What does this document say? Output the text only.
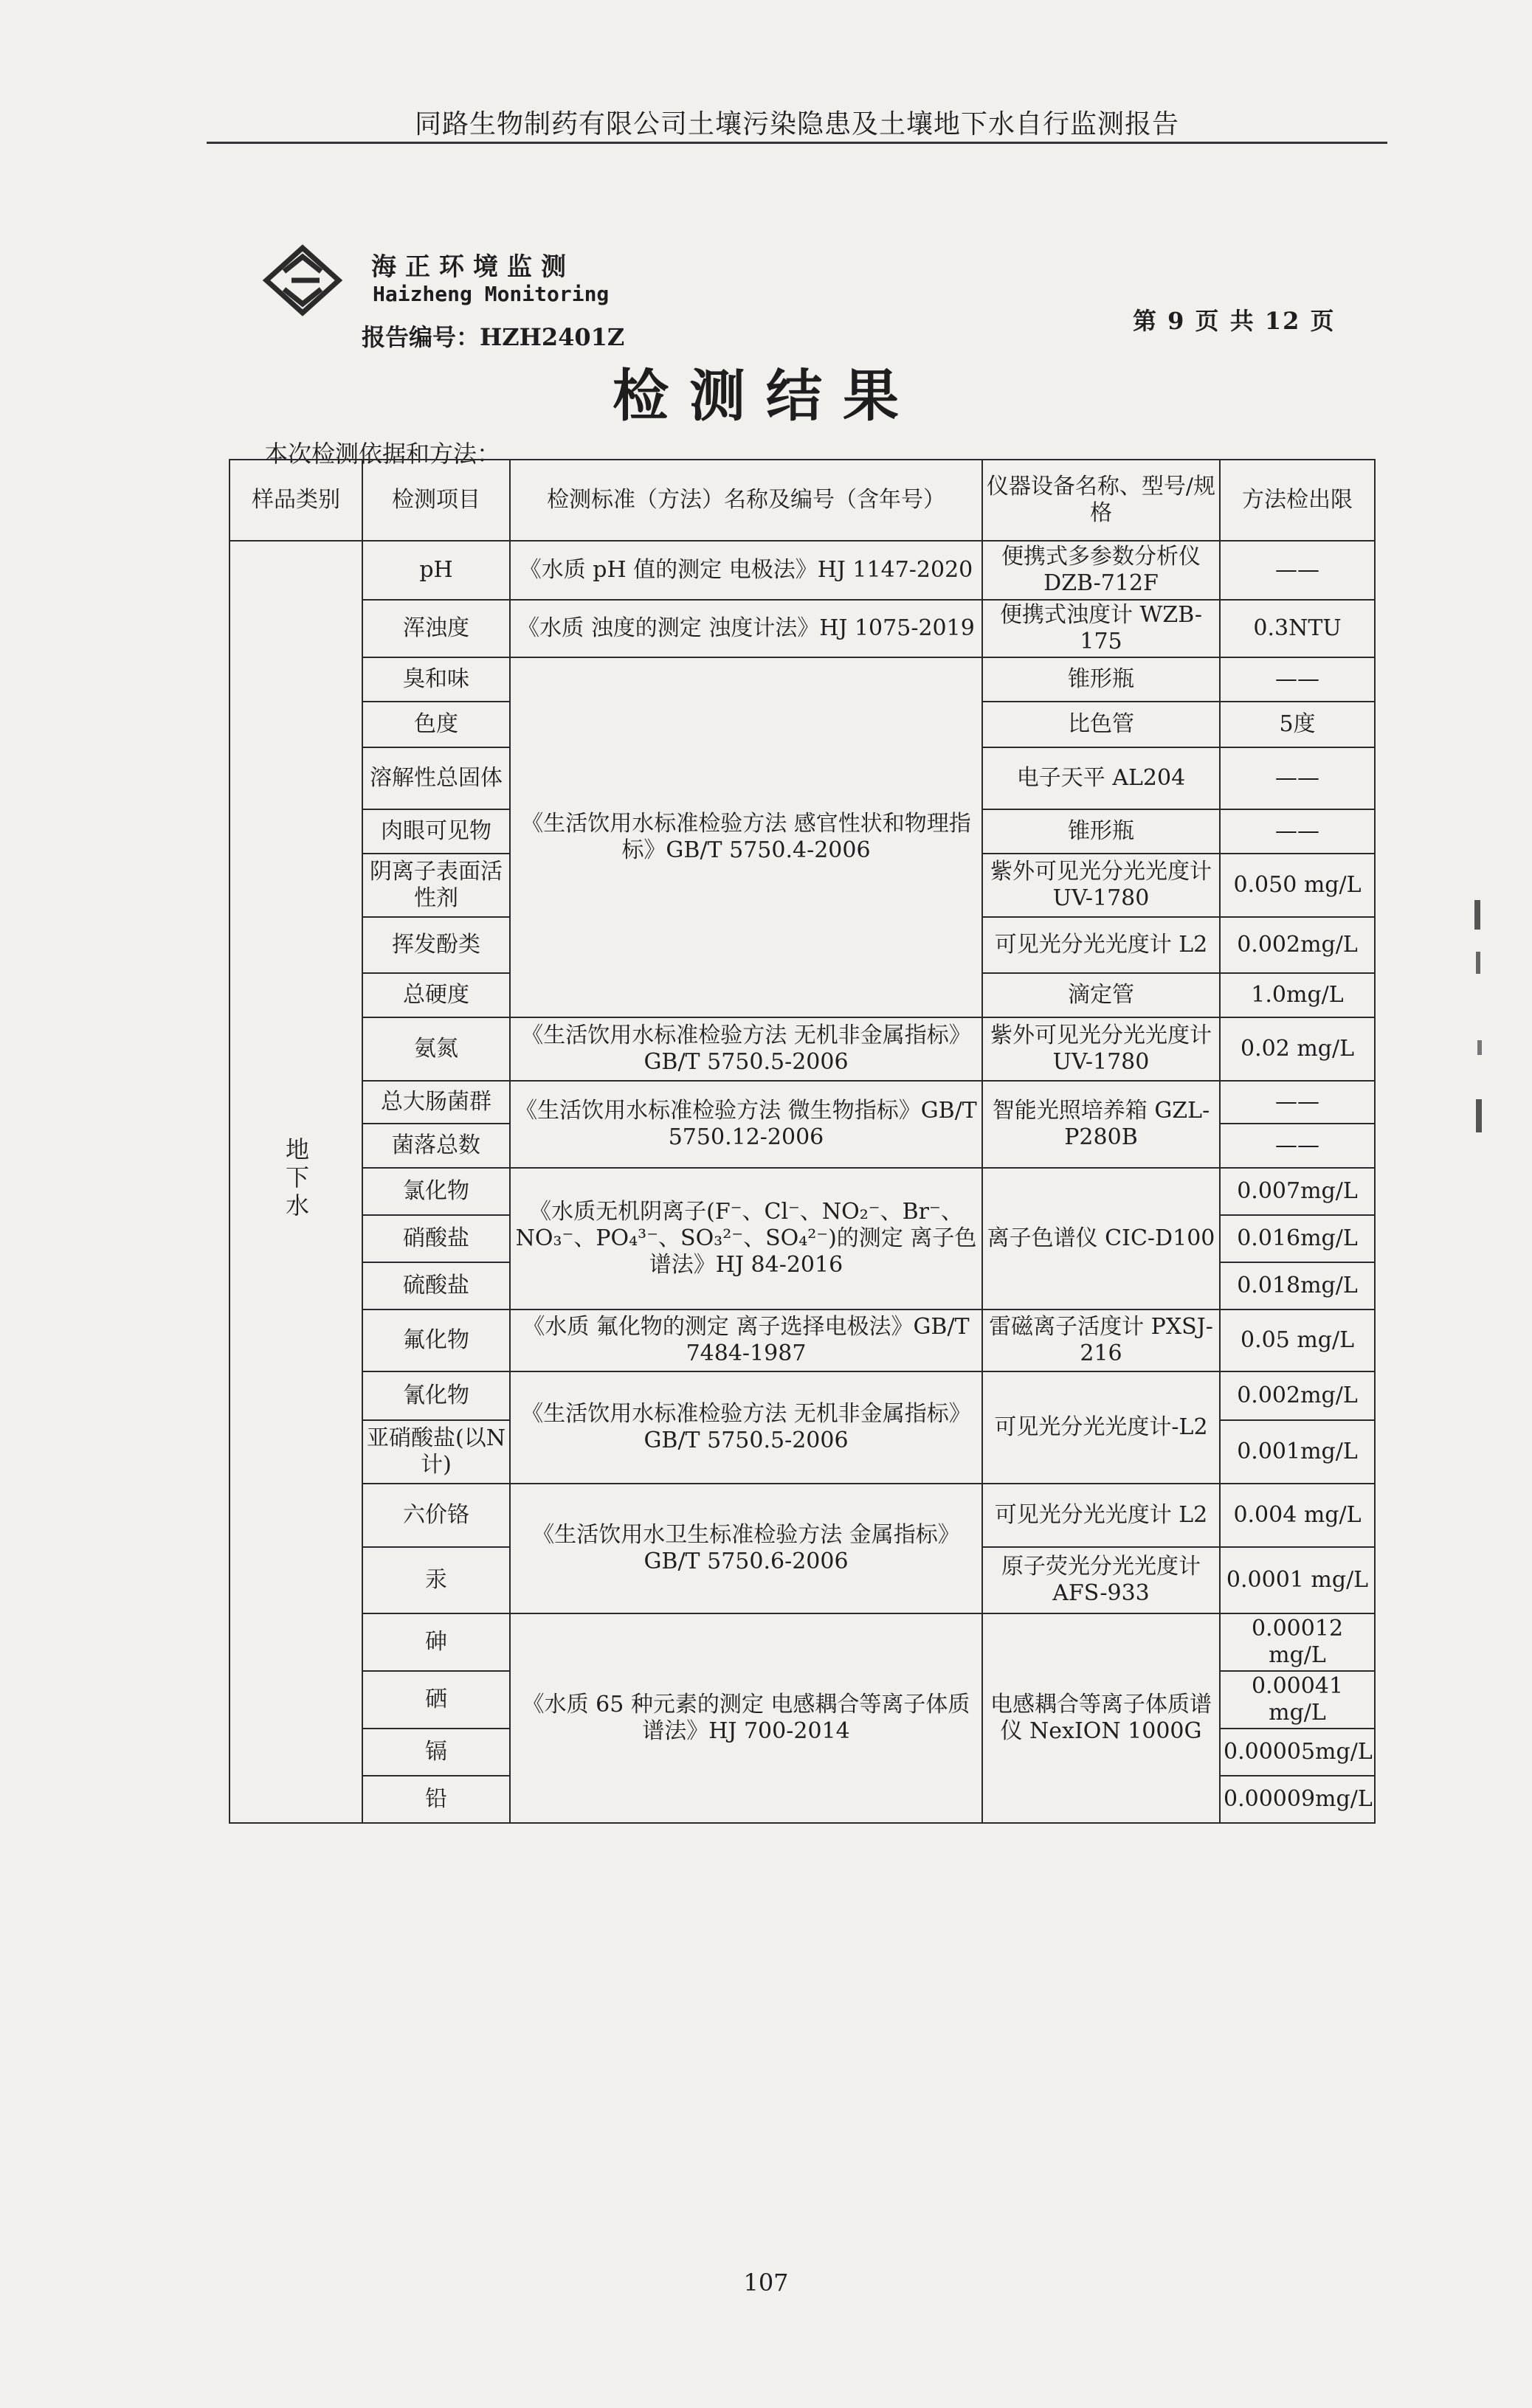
同路生物制药有限公司土壤污染隐患及土壤地下水自行监测报告
海正环境监测
Haizheng Monitoring
报告编号：HZH2401Z
第 9 页 共 12 页
检测结果
本次检测依据和方法：
样品类别	检测项目	检测标准（方法）名称及编号（含年号）	仪器设备名称、型号/规格	方法检出限
地下水	pH	《水质 pH 值的测定 电极法》HJ 1147-2020	便携式多参数分析仪 DZB-712F	——
	浑浊度	《水质 浊度的测定 浊度计法》HJ 1075-2019	便携式浊度计 WZB-175	0.3NTU
	臭和味	《生活饮用水标准检验方法 感官性状和物理指标》GB/T 5750.4-2006	锥形瓶	——
	色度		比色管	5度
	溶解性总固体		电子天平 AL204	——
	肉眼可见物		锥形瓶	——
	阴离子表面活性剂		紫外可见光分光光度计 UV-1780	0.050 mg/L
	挥发酚类		可见光分光光度计 L2	0.002mg/L
	总硬度		滴定管	1.0mg/L
	氨氮	《生活饮用水标准检验方法 无机非金属指标》GB/T 5750.5-2006	紫外可见光分光光度计 UV-1780	0.02 mg/L
	总大肠菌群	《生活饮用水标准检验方法 微生物指标》GB/T 5750.12-2006	智能光照培养箱 GZL-P280B	——
	菌落总数			——
	氯化物	《水质无机阴离子(F⁻、Cl⁻、NO₂⁻、Br⁻、NO₃⁻、PO₄³⁻、SO₃²⁻、SO₄²⁻)的测定 离子色谱法》HJ 84-2016	离子色谱仪 CIC-D100	0.007mg/L
	硝酸盐			0.016mg/L
	硫酸盐			0.018mg/L
	氟化物	《水质 氟化物的测定 离子选择电极法》GB/T 7484-1987	雷磁离子活度计 PXSJ-216	0.05 mg/L
	氰化物	《生活饮用水标准检验方法 无机非金属指标》GB/T 5750.5-2006	可见光分光光度计-L2	0.002mg/L
	亚硝酸盐(以N计)			0.001mg/L
	六价铬	《生活饮用水卫生标准检验方法 金属指标》GB/T 5750.6-2006	可见光分光光度计 L2	0.004 mg/L
	汞		原子荧光分光光度计 AFS-933	0.0001 mg/L
	砷	《水质 65 种元素的测定 电感耦合等离子体质谱法》HJ 700-2014	电感耦合等离子体质谱仪 NexION 1000G	0.00012 mg/L
	硒			0.00041 mg/L
	镉			0.00005mg/L
	铅			0.00009mg/L
107
